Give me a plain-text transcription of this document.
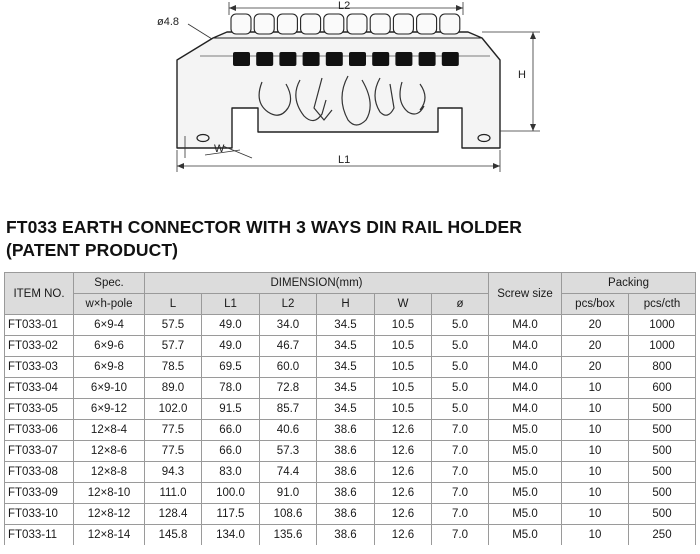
L2
ø4.8
H
W
L1
FT033 EARTH CONNECTOR WITH 3 WAYS DIN RAIL HOLDER
(PATENT PRODUCT)
ITEM NO.	Spec.	DIMENSION(mm)						Screw size	Packing	
	w×h-pole	L	L1	L2	H	W	ø		pcs/box	pcs/cth
FT033-01	6×9-4	57.5	49.0	34.0	34.5	10.5	5.0	M4.0	20	1000
FT033-02	6×9-6	57.7	49.0	46.7	34.5	10.5	5.0	M4.0	20	1000
FT033-03	6×9-8	78.5	69.5	60.0	34.5	10.5	5.0	M4.0	20	800
FT033-04	6×9-10	89.0	78.0	72.8	34.5	10.5	5.0	M4.0	10	600
FT033-05	6×9-12	102.0	91.5	85.7	34.5	10.5	5.0	M4.0	10	500
FT033-06	12×8-4	77.5	66.0	40.6	38.6	12.6	7.0	M5.0	10	500
FT033-07	12×8-6	77.5	66.0	57.3	38.6	12.6	7.0	M5.0	10	500
FT033-08	12×8-8	94.3	83.0	74.4	38.6	12.6	7.0	M5.0	10	500
FT033-09	12×8-10	111.0	100.0	91.0	38.6	12.6	7.0	M5.0	10	500
FT033-10	12×8-12	128.4	117.5	108.6	38.6	12.6	7.0	M5.0	10	500
FT033-11	12×8-14	145.8	134.0	135.6	38.6	12.6	7.0	M5.0	10	250
